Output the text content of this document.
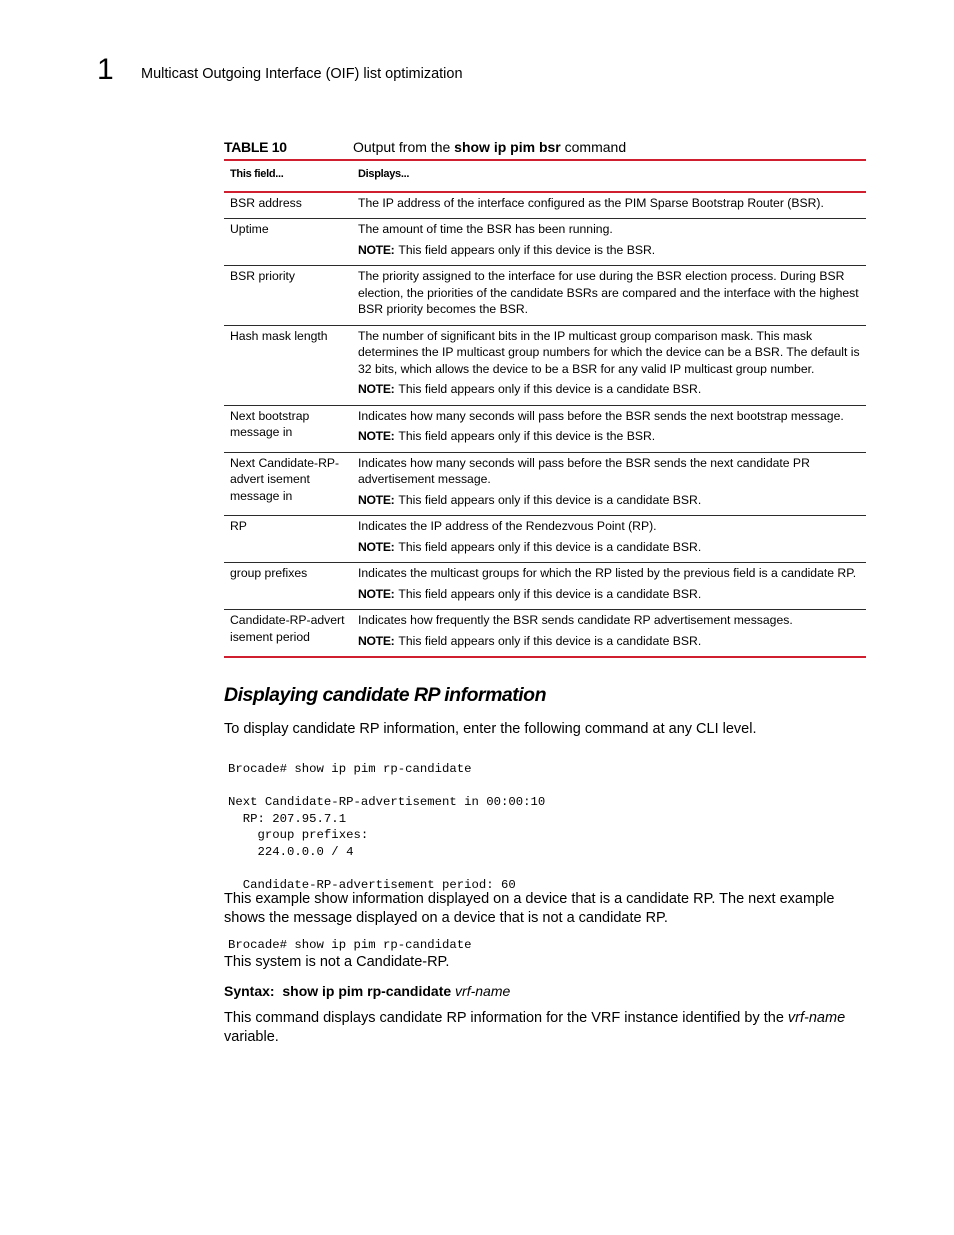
1 Multicast Outgoing Interface (OIF) list optimization
TABLE 10	Output from the show ip pim bsr command
This field...	Displays...
BSR address	The IP address of the interface configured as the PIM Sparse Bootstrap Router (BSR).

Uptime	The amount of time the BSR has been running.

NOTE: This field appears only if this device is the BSR.

BSR priority	The priority assigned to the interface for use during the BSR election process. During BSR election, the priorities of the candidate BSRs are compared and the interface with the highest BSR priority becomes the BSR.

Hash mask length	The number of significant bits in the IP multicast group comparison mask. This mask determines the IP multicast group numbers for which the device can be a BSR. The default is 32 bits, which allows the device to be a BSR for any valid IP multicast group number.

NOTE: This field appears only if this device is a candidate BSR.

Next bootstrap message in	Indicates how many seconds will pass before the BSR sends the next bootstrap message.

NOTE: This field appears only if this device is the BSR.

Next Candidate-RP-advert isement message in	Indicates how many seconds will pass before the BSR sends the next candidate PR advertisement message.

NOTE: This field appears only if this device is a candidate BSR.

RP	Indicates the IP address of the Rendezvous Point (RP).

NOTE: This field appears only if this device is a candidate BSR.

group prefixes	Indicates the multicast groups for which the RP listed by the previous field is a candidate RP.

NOTE: This field appears only if this device is a candidate BSR.

Candidate-RP-advert isement period	Indicates how frequently the BSR sends candidate RP advertisement messages.

NOTE: This field appears only if this device is a candidate BSR.
Displaying candidate RP information
To display candidate RP information, enter the following command at any CLI level.
Brocade# show ip pim rp-candidate

Next Candidate-RP-advertisement in 00:00:10
RP: 207.95.7.1
group prefixes:
224.0.0.0 / 4

Candidate-RP-advertisement period: 60
This example show information displayed on a device that is a candidate RP. The next example shows the message displayed on a device that is not a candidate RP.
Brocade# show ip pim rp-candidate
This system is not a Candidate-RP.
Syntax: show ip pim rp-candidate vrf-name
This command displays candidate RP information for the VRF instance identified by the vrf-name variable.
